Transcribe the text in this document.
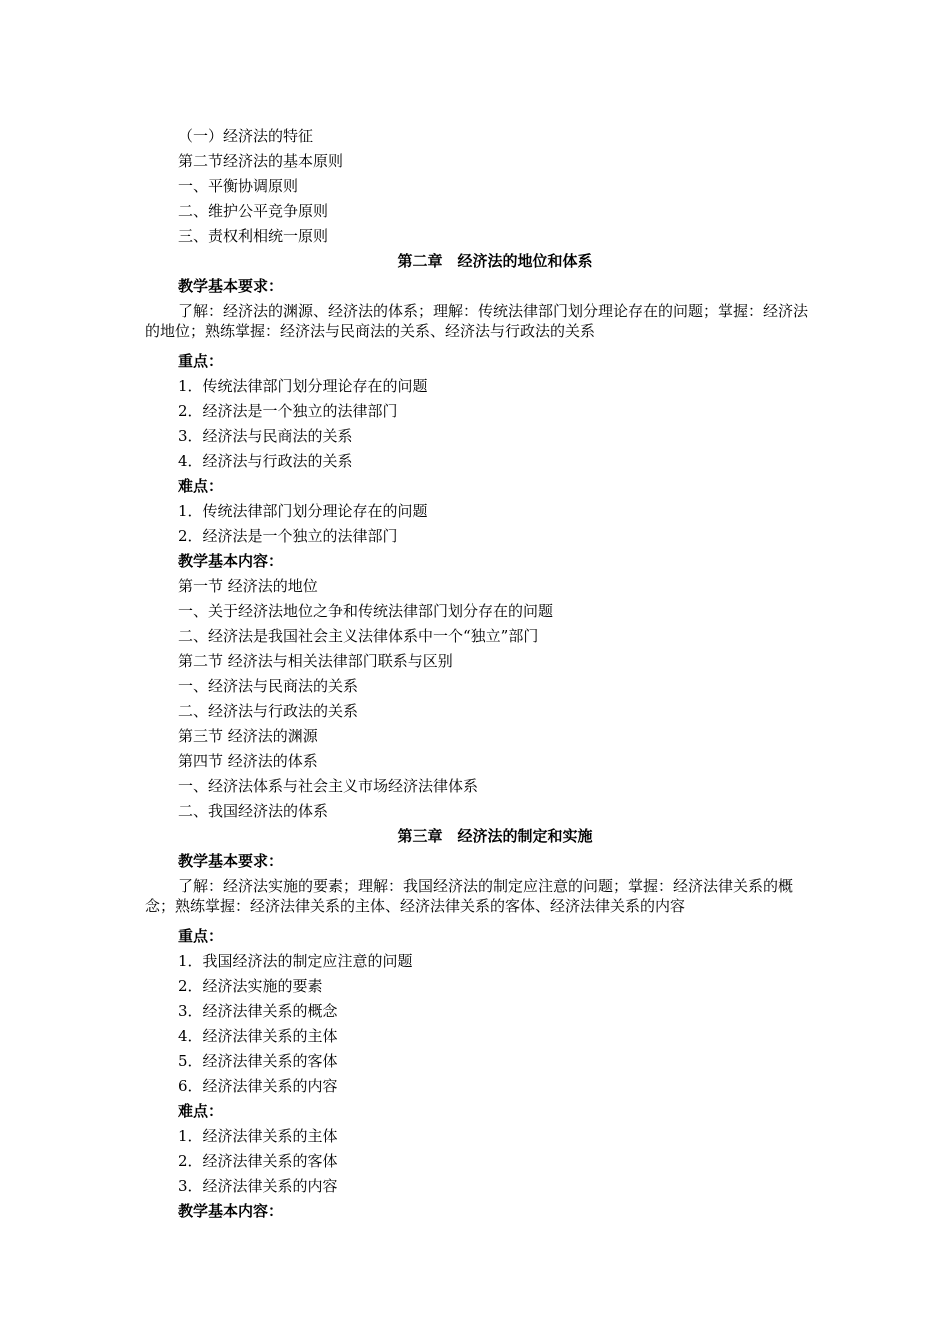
（一）经济法的特征
第二节经济法的基本原则
一、平衡协调原则
二、维护公平竞争原则
三、责权利相统一原则
第二章　经济法的地位和体系
教学基本要求：
了解：经济法的渊源、经济法的体系；理解：传统法律部门划分理论存在的问题；掌握：经济法的地位；熟练掌握：经济法与民商法的关系、经济法与行政法的关系
重点：
1．传统法律部门划分理论存在的问题
2．经济法是一个独立的法律部门
3．经济法与民商法的关系
4．经济法与行政法的关系
难点：
1．传统法律部门划分理论存在的问题
2．经济法是一个独立的法律部门
教学基本内容：
第一节 经济法的地位
一、关于经济法地位之争和传统法律部门划分存在的问题
二、经济法是我国社会主义法律体系中一个“独立”部门
第二节 经济法与相关法律部门联系与区别
一、经济法与民商法的关系
二、经济法与行政法的关系
第三节 经济法的渊源
第四节 经济法的体系
一、经济法体系与社会主义市场经济法律体系
二、我国经济法的体系
第三章　经济法的制定和实施
教学基本要求：
了解：经济法实施的要素；理解：我国经济法的制定应注意的问题；掌握：经济法律关系的概念；熟练掌握：经济法律关系的主体、经济法律关系的客体、经济法律关系的内容
重点：
1．我国经济法的制定应注意的问题
2．经济法实施的要素
3．经济法律关系的概念
4．经济法律关系的主体
5．经济法律关系的客体
6．经济法律关系的内容
难点：
1．经济法律关系的主体
2．经济法律关系的客体
3．经济法律关系的内容
教学基本内容：
